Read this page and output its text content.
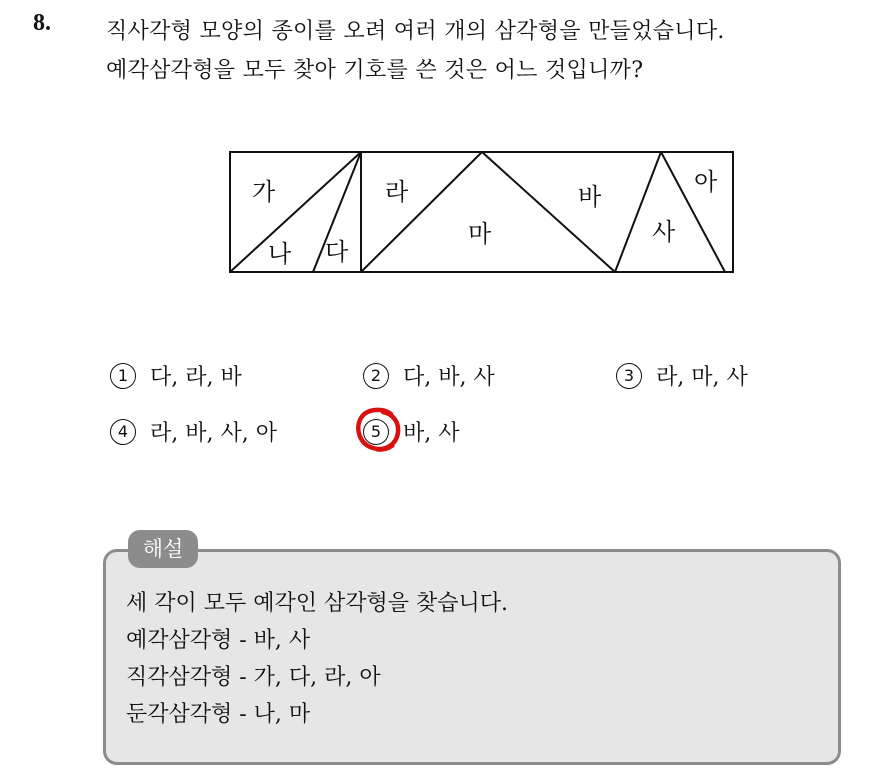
8.	직사각형 모양의 종이를 오려 여러 개의 삼각형을 만들었습니다.
예각삼각형을 모두 찾아 기호를 쓴 것은 어느 것입니까?
가
나 다
라
마
바
사
아
1 다, 라, 바	2 다, 바, 사	3 라, 마, 사
4 라, 바, 사, 아	5 바, 사
해설
세 각이 모두 예각인 삼각형을 찾습니다.
예각삼각형 - 바, 사
직각삼각형 - 가, 다, 라, 아
둔각삼각형 - 나, 마
